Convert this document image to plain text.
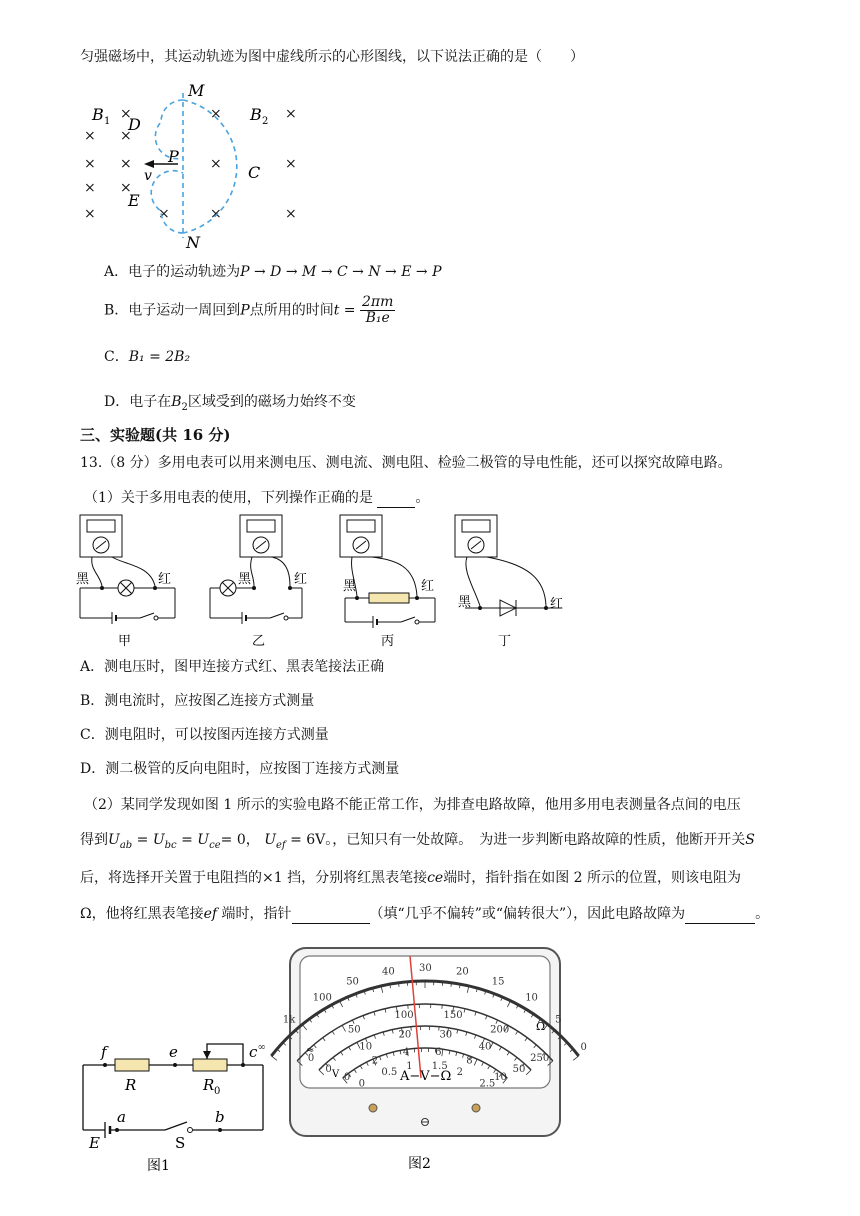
匀强磁场中，其运动轨迹为图中虚线所示的心形图线，以下说法正确的是（　　）
×	×	×
× ×
× ×	×	×
× ×
×	×	×	×
M
N
P
C
D
E
v
B 1	B 2
A．电子的运动轨迹为P → D → M → C → N → E → P
B．电子运动一周回到P点所用的时间$t = \frac{2\pi m}{\text{B₁e}}$
C．B₁ = 2B₂
D．电子在$B_2$区域受到的磁场力始终不变
三、实验题(共 16 分)
13.（8 分）多用电表可以用来测电压、测电流、测电阻、检验二极管的导电性能，还可以探究故障电路。
（1）关于多用电表的使用，下列操作正确的是	。
黑	红
甲
黑	红
乙
黑	红
丙
黑	红
丁
A．测电压时，图甲连接方式红、黑表笔接法正确
B．测电流时，应按图乙连接方式测量
C．测电阻时，可以按图丙连接方式测量
D．测二极管的反向电阻时，应按图丁连接方式测量
（2）某同学发现如图 1 所示的实验电路不能正常工作，为排查电路故障，他用多用电表测量各点间的电压
得到$U_{ab} = U_{bc} = U_{ce}= 0$， $U_{ef} = 6V$。，已知只有一处故障。　为进一步判断电路故障的性质，他断开开关S
后，将选择开关置于电阻挡的×1 挡，分别将红黑表笔接ce端时，指针指在如图 2 所示的位置，则该电阻为
Ω，他将红黑表笔接ef 端时，指针	（填“几乎不偏转”或“偏转很大”），因此电路故障为	。
f	e	c
R	R 0
a	b
E	S
图1
∞
1k
100
50
40 30 20
15
10
5
0
0
50
100	150
200
250
0
10
20	30
40
50
0
2
4	6
8
10
0
0.5
1 1.5
2
2.5
A−V−Ω
Ω
≈
V
图2
